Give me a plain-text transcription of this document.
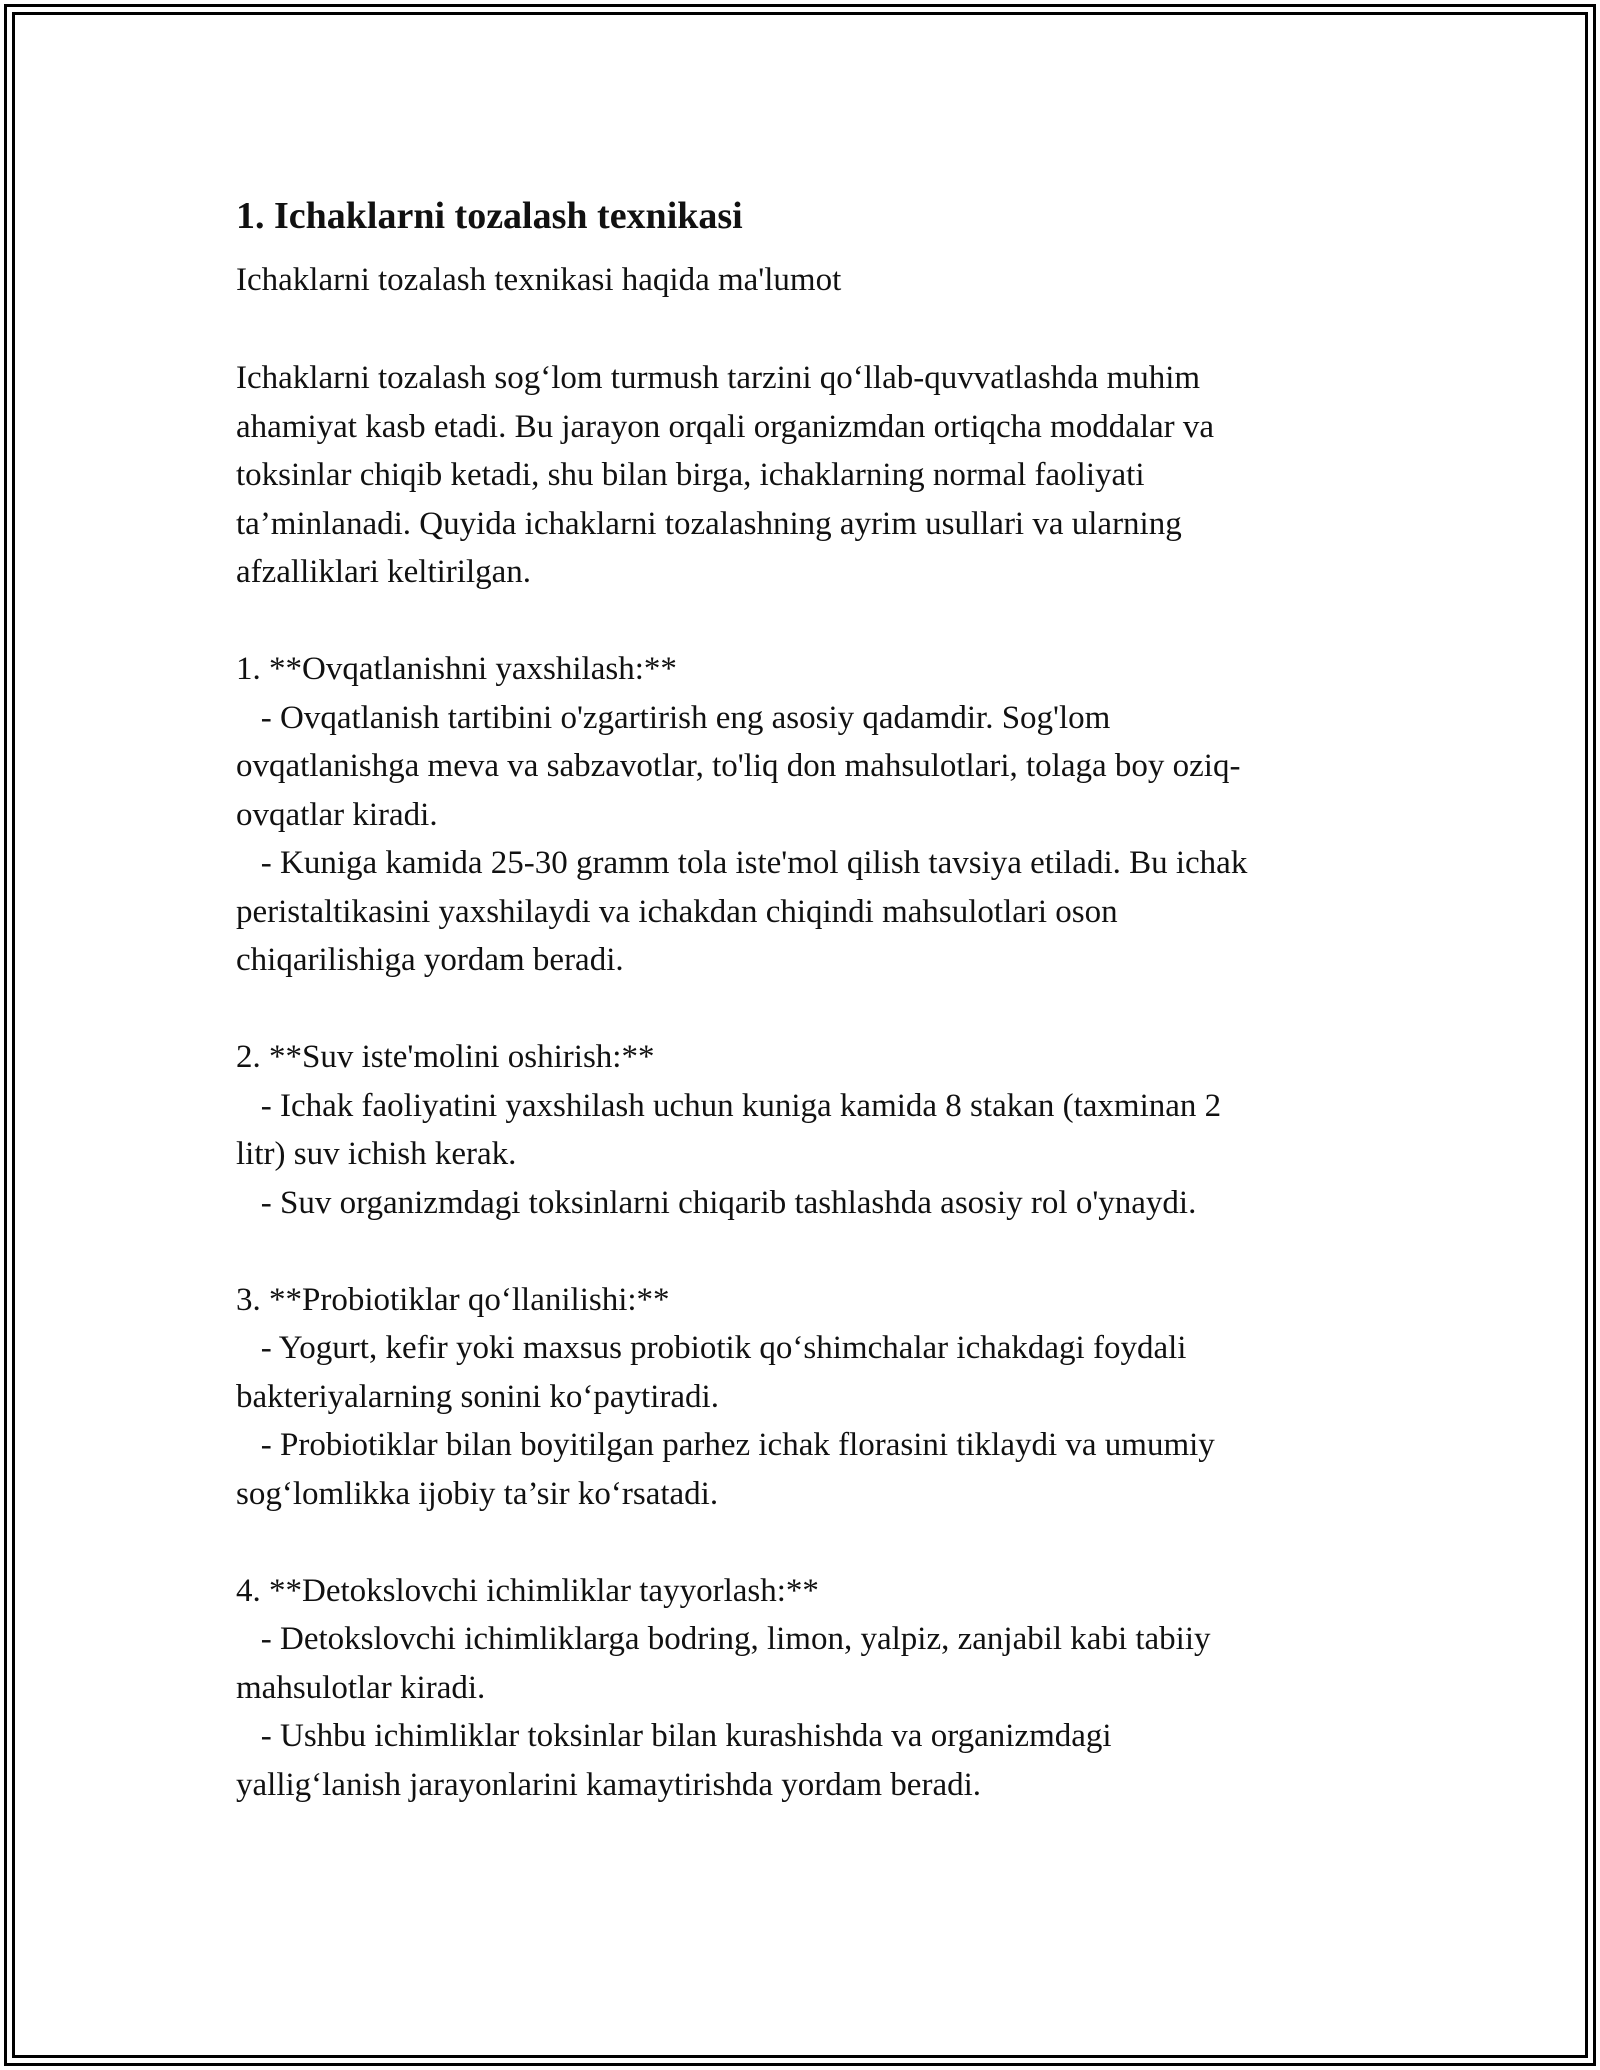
1. Ichaklarni tozalash texnikasi

Ichaklarni tozalash texnikasi haqida ma'lumot

Ichaklarni tozalash sog‘lom turmush tarzini qo‘llab-quvvatlashda muhim
ahamiyat kasb etadi. Bu jarayon orqali organizmdan ortiqcha moddalar va
toksinlar chiqib ketadi, shu bilan birga, ichaklarning normal faoliyati
ta’minlanadi. Quyida ichaklarni tozalashning ayrim usullari va ularning
afzalliklari keltirilgan.

1. **Ovqatlanishni yaxshilash:**
- Ovqatlanish tartibini o'zgartirish eng asosiy qadamdir. Sog'lom
ovqatlanishga meva va sabzavotlar, to'liq don mahsulotlari, tolaga boy oziq-
ovqatlar kiradi.
- Kuniga kamida 25-30 gramm tola iste'mol qilish tavsiya etiladi. Bu ichak
peristaltikasini yaxshilaydi va ichakdan chiqindi mahsulotlari oson
chiqarilishiga yordam beradi.

2. **Suv iste'molini oshirish:**
- Ichak faoliyatini yaxshilash uchun kuniga kamida 8 stakan (taxminan 2
litr) suv ichish kerak.
- Suv organizmdagi toksinlarni chiqarib tashlashda asosiy rol o'ynaydi.

3. **Probiotiklar qo‘llanilishi:**
- Yogurt, kefir yoki maxsus probiotik qo‘shimchalar ichakdagi foydali
bakteriyalarning sonini ko‘paytiradi.
- Probiotiklar bilan boyitilgan parhez ichak florasini tiklaydi va umumiy
sog‘lomlikka ijobiy ta’sir ko‘rsatadi.

4. **Detokslovchi ichimliklar tayyorlash:**
- Detokslovchi ichimliklarga bodring, limon, yalpiz, zanjabil kabi tabiiy
mahsulotlar kiradi.
- Ushbu ichimliklar toksinlar bilan kurashishda va organizmdagi
yallig‘lanish jarayonlarini kamaytirishda yordam beradi.
